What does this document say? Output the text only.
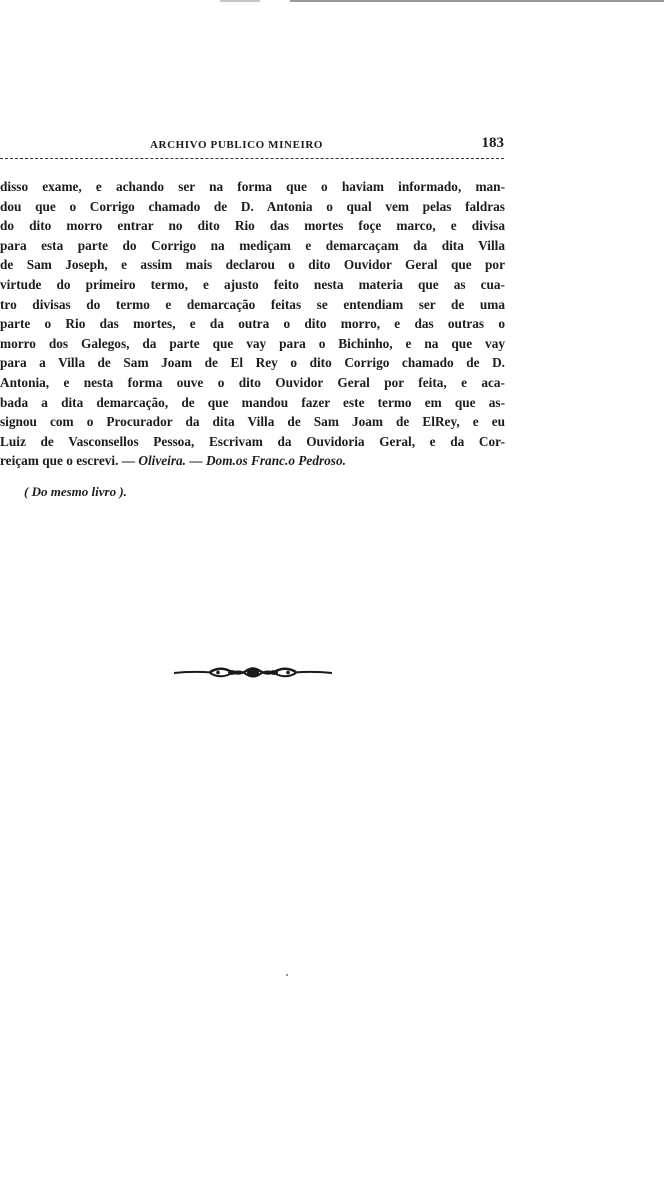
ARCHIVO PUBLICO MINEIRO	183

disso exame, e achando ser na forma que o haviam informado, man-
dou que o Corrigo chamado de D. Antonia o qual vem pelas faldras
do dito morro entrar no dito Rio das mortes foçe marco, e divisa
para esta parte do Corrigo na mediçam e demarcaçam da dita Villa
de Sam Joseph, e assim mais declarou o dito Ouvidor Geral que por
virtude do primeiro termo, e ajusto feito nesta materia que as cua-
tro divisas do termo e demarcação feitas se entendiam ser de uma
parte o Rio das mortes, e da outra o dito morro, e das outras o
morro dos Galegos, da parte que vay para o Bichinho, e na que vay
para a Villa de Sam Joam de El Rey o dito Corrigo chamado de D.
Antonia, e nesta forma ouve o dito Ouvidor Geral por feita, e aca-
bada a dita demarcação, de que mandou fazer este termo em que as-
signou com o Procurador da dita Villa de Sam Joam de ElRey, e eu
Luiz de Vasconsellos Pessoa, Escrivam da Ouvidoria Geral, e da Cor-
reiçam que o escrevi. — Oliveira. — Dom.os Franc.o Pedroso.

( Do mesmo livro ).
